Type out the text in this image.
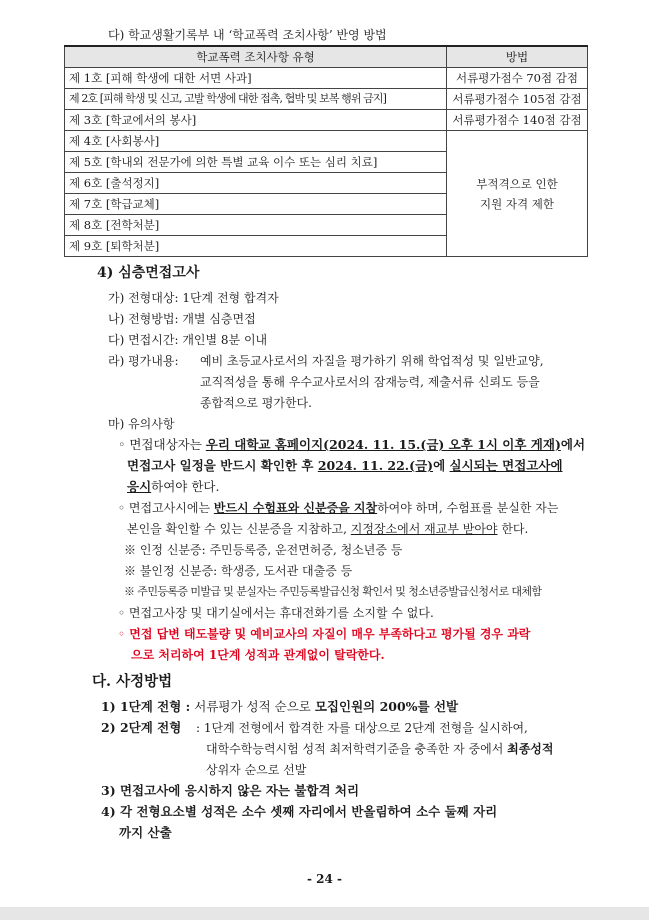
다) 학교생활기록부 내 ‘학교폭력 조치사항’ 반영 방법
학교폭력 조치사항 유형	방법
제 1호 [피해 학생에 대한 서면 사과]	서류평가점수 70점 감점
제 2호 [피해 학생 및 신고, 고발 학생에 대한 접촉, 협박 및 보복 행위 금지]	서류평가점수 105점 감점
제 3호 [학교에서의 봉사]	서류평가점수 140점 감점
제 4호 [사회봉사]	부적격으로 인한
지원 자격 제한

제 5호 [학내외 전문가에 의한 특별 교육 이수 또는 심리 치료]	
제 6호 [출석정지]	
제 7호 [학급교체]	
제 8호 [전학처분]	
제 9호 [퇴학처분]	
4) 심층면접고사
가) 전형대상: 1단계 전형 합격자
나) 전형방법: 개별 심층면접
다) 면접시간: 개인별 8분 이내
라) 평가내용: 예비 초등교사로서의 자질을 평가하기 위해 학업적성 및 일반교양,
교직적성을 통해 우수교사로서의 잠재능력, 제출서류 신뢰도 등을
종합적으로 평가한다.
마) 유의사항
◦ 면접대상자는 우리 대학교 홈페이지(2024. 11. 15.(금) 오후 1시 이후 게재)에서
면접고사 일정을 반드시 확인한 후 2024. 11. 22.(금)에 실시되는 면접고사에
응시하여야 한다.
◦ 면접고사시에는 반드시 수험표와 신분증을 지참하여야 하며, 수험표를 분실한 자는
본인을 확인할 수 있는 신분증을 지참하고, 지정장소에서 재교부 받아야 한다.
※ 인정 신분증: 주민등록증, 운전면허증, 청소년증 등
※ 불인정 신분증: 학생증, 도서관 대출증 등
※ 주민등록증 미발급 및 분실자는 주민등록발급신청 확인서 및 청소년증발급신청서로 대체함
◦ 면접고사장 및 대기실에서는 휴대전화기를 소지할 수 없다.
◦ 면접 답변 태도불량 및 예비교사의 자질이 매우 부족하다고 평가될 경우 과락
으로 처리하여 1단계 성적과 관계없이 탈락한다.
다. 사정방법
1) 1단계 전형 : 서류평가 성적 순으로 모집인원의 200%를 선발
2) 2단계 전형 : 1단계 전형에서 합격한 자를 대상으로 2단계 전형을 실시하여,
대학수학능력시험 성적 최저학력기준을 충족한 자 중에서 최종성적
상위자 순으로 선발
3) 면접고사에 응시하지 않은 자는 불합격 처리
4) 각 전형요소별 성적은 소수 셋째 자리에서 반올림하여 소수 둘째 자리
까지 산출
- 24 -
